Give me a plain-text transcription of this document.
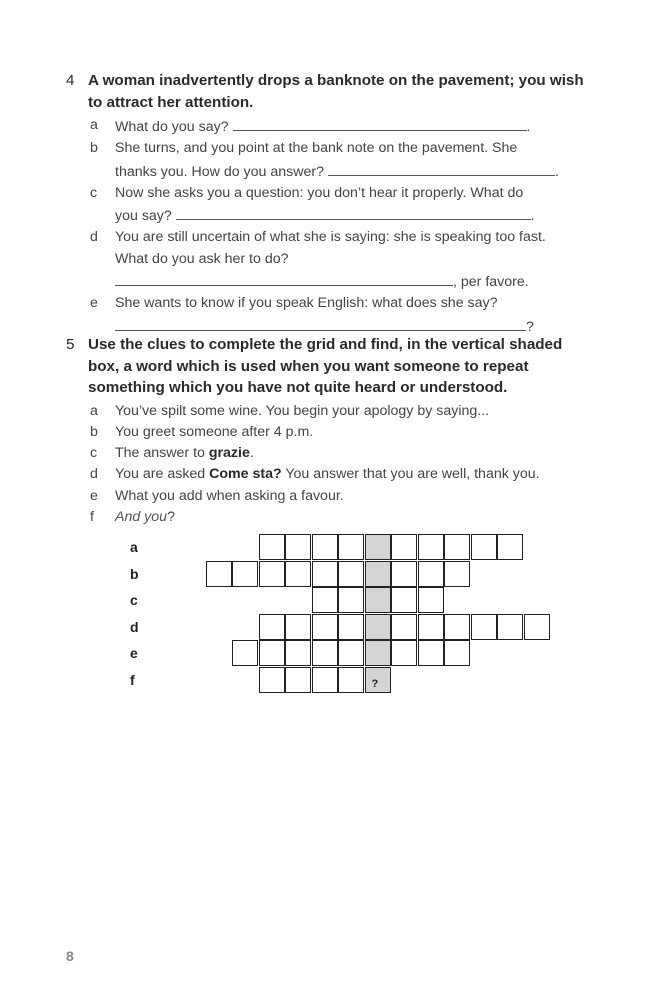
4 A woman inadvertently drops a banknote on the pavement; you wish to attract her attention.
a	What do you say?	.
b	She turns, and you point at the bank note on the pavement. She
thanks you. How do you answer?	.
c	Now she asks you a question: you don’t hear it properly. What do
you say?	.
d	You are still uncertain of what she is saying: she is speaking too fast.
What do you ask her to do?
, per favore.
e	She wants to know if you speak English: what does she say?
?
5 Use the clues to complete the grid and find, in the vertical shaded box, a word which is used when you want someone to repeat something which you have not quite heard or understood.
a	You’ve spilt some wine. You begin your apology by saying...
b	You greet someone after 4 p.m.
c	The answer to grazie.
d	You are asked Come sta? You answer that you are well, thank you.
e	What you add when asking a favour.
f	And you?
a
b
c
d
e
f	?
8
